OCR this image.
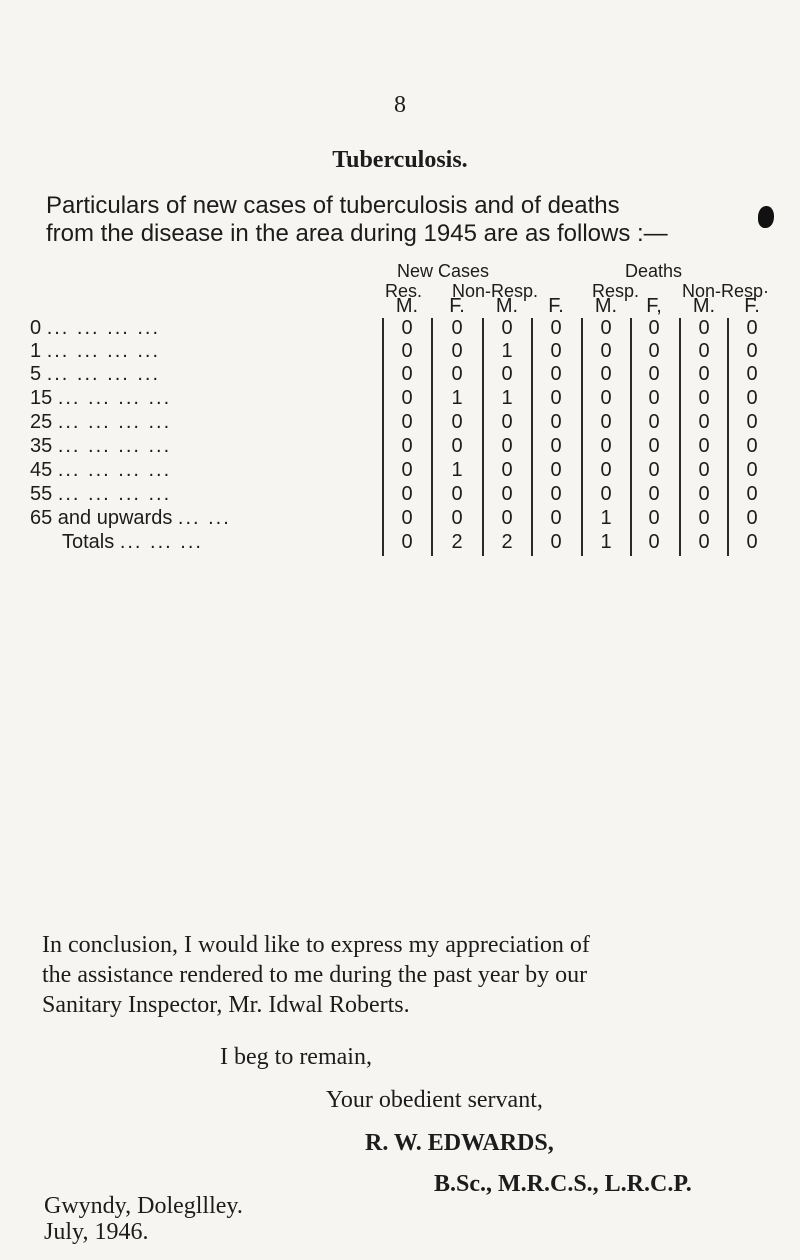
8
Tuberculosis.
Particulars of new cases of tuberculosis and of deaths
from the disease in the area during 1945 are as follows :—
New Cases	Deaths
Res. Non-Resp.	Resp. Non-Resp·
M.	F.	M.	F.	M.	F,	M.	F.
0 ... ... ... ...	0	0	0	0	0	0	0	0
1 ... ... ... ...	0	0	1	0	0	0	0	0
5 ... ... ... ...	0	0	0	0	0	0	0	0
15 ... ... ... ...	0	1	1	0	0	0	0	0
25 ... ... ... ...	0	0	0	0	0	0	0	0
35 ... ... ... ...	0	0	0	0	0	0	0	0
45 ... ... ... ...	0	1	0	0	0	0	0	0
55 ... ... ... ...	0	0	0	0	0	0	0	0
65 and upwards ... ...	0	0	0	0	1	0	0	0
Totals ... ... ...	0	2	2	0	1	0	0	0
In conclusion, I would like to express my appreciation of
the assistance rendered to me during the past year by our
Sanitary Inspector, Mr. Idwal Roberts.
I beg to remain,
Your obedient servant,
R. W. EDWARDS,
B.Sc., M.R.C.S., L.R.C.P.
Gwyndy, Dolegllley.
July, 1946.
